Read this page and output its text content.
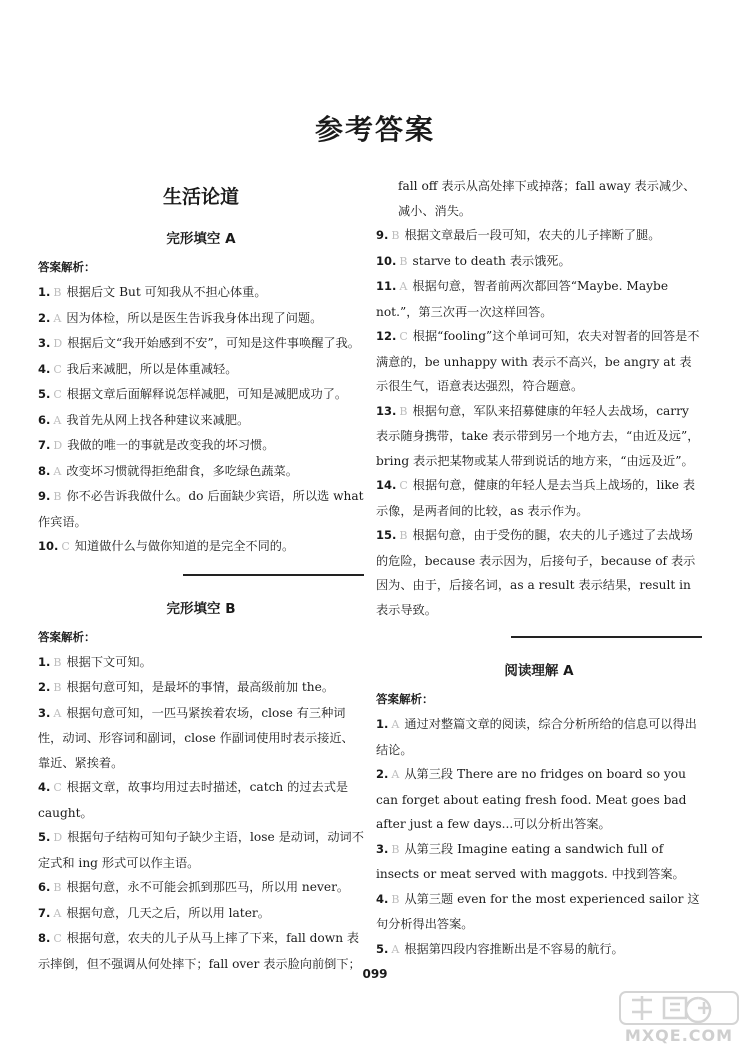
参考答案
生活论道
完形填空 A
答案解析：

1. B 根据后文 But 可知我从不担心体重。

2. A 因为体检，所以是医生告诉我身体出现了问题。

3. D 根据后文“我开始感到不安”，可知是这件事唤醒了我。

4. C 我后来减肥，所以是体重减轻。

5. C 根据文章后面解释说怎样减肥，可知是减肥成功了。

6. A 我首先从网上找各种建议来减肥。

7. D 我做的唯一的事就是改变我的坏习惯。

8. A 改变坏习惯就得拒绝甜食，多吃绿色蔬菜。

9. B 你不必告诉我做什么。do 后面缺少宾语，所以选 what 作宾语。

10. C 知道做什么与做你知道的是完全不同的。

完形填空 B
答案解析：

1. B 根据下文可知。

2. B 根据句意可知，是最坏的事情，最高级前加 the。

3. A 根据句意可知，一匹马紧挨着农场，close 有三种词性，动词、形容词和副词，close 作副词使用时表示接近、靠近、紧挨着。

4. C 根据文章，故事均用过去时描述，catch 的过去式是 caught。

5. D 根据句子结构可知句子缺少主语，lose 是动词，动词不定式和 ing 形式可以作主语。

6. B 根据句意，永不可能会抓到那匹马，所以用 never。

7. A 根据句意，几天之后，所以用 later。

8. C 根据句意，农夫的儿子从马上摔了下来，fall down 表示摔倒，但不强调从何处摔下；fall over 表示脸向前倒下；

fall off 表示从高处摔下或掉落；fall away 表示减少、减小、消失。

9. B 根据文章最后一段可知，农夫的儿子摔断了腿。

10. B starve to death 表示饿死。

11. A 根据句意，智者前两次都回答“Maybe. Maybe not.”，第三次再一次这样回答。

12. C 根据“fooling”这个单词可知，农夫对智者的回答是不满意的，be unhappy with 表示不高兴，be angry at 表示很生气，语意表达强烈，符合题意。

13. B 根据句意，军队来招募健康的年轻人去战场，carry 表示随身携带，take 表示带到另一个地方去，“由近及远”，bring 表示把某物或某人带到说话的地方来，“由远及近”。

14. C 根据句意，健康的年轻人是去当兵上战场的，like 表示像，是两者间的比较，as 表示作为。

15. B 根据句意，由于受伤的腿，农夫的儿子逃过了去战场的危险，because 表示因为，后接句子，because of 表示因为、由于，后接名词，as a result 表示结果，result in 表示导致。

阅读理解 A
答案解析：

1. A 通过对整篇文章的阅读，综合分析所给的信息可以得出结论。

2. A 从第三段 There are no fridges on board so you can forget about eating fresh food. Meat goes bad after just a few days...可以分析出答案。

3. B 从第三段 Imagine eating a sandwich full of insects or meat served with maggots. 中找到答案。

4. B 从第三题 even for the most experienced sailor 这句分析得出答案。

5. A 根据第四段内容推断出是不容易的航行。

099
MXQE.COM
